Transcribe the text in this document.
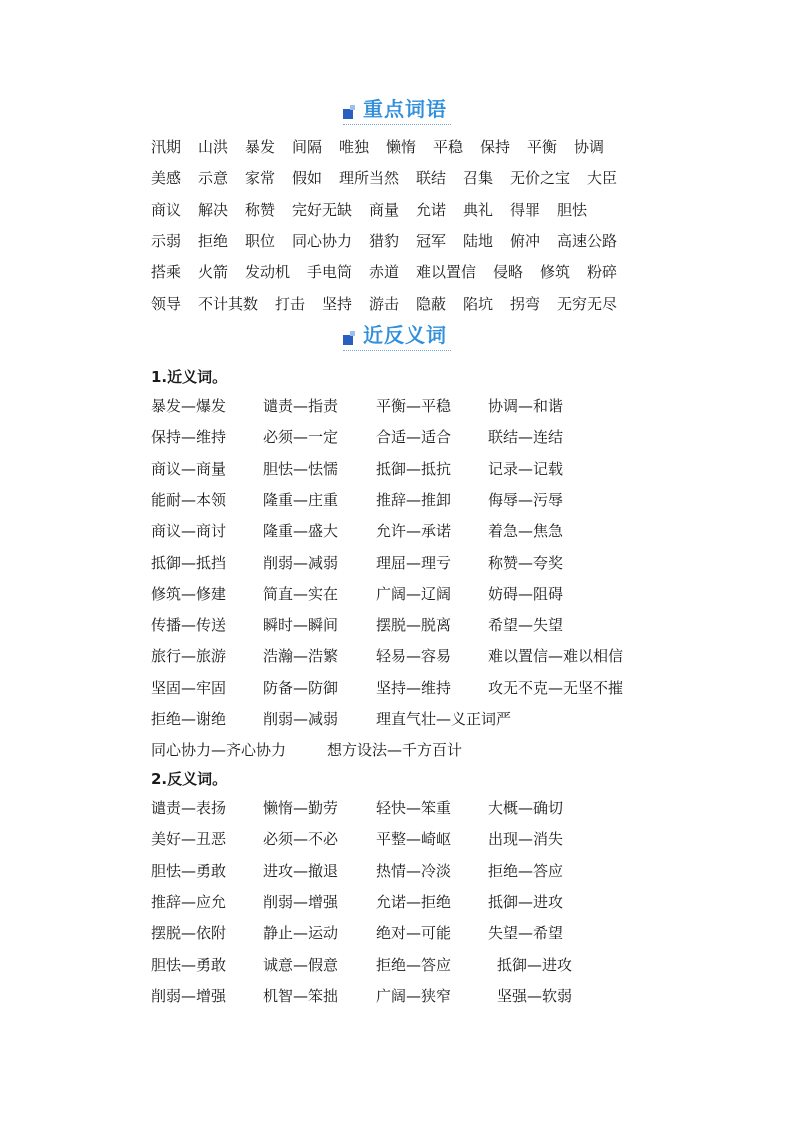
重点词语
汛期 山洪 暴发 间隔 唯独 懒惰 平稳 保持 平衡 协调
美感 示意 家常 假如 理所当然 联结 召集 无价之宝 大臣
商议 解决 称赞 完好无缺 商量 允诺 典礼 得罪 胆怯
示弱 拒绝 职位 同心协力 猎豹 冠军 陆地 俯冲 高速公路
搭乘 火箭 发动机 手电筒 赤道 难以置信 侵略 修筑 粉碎
领导 不计其数 打击 坚持 游击 隐蔽 陷坑 拐弯 无穷无尽
近反义词
1.近义词。
暴发—爆发 谴责—指责	平衡—平稳 协调—和谐
保持—维持 必须—一定	合适—适合 联结—连结
商议—商量 胆怯—怯懦	抵御—抵抗 记录—记载
能耐—本领 隆重—庄重	推辞—推卸 侮辱—污辱
商议—商讨 隆重—盛大	允许—承诺 着急—焦急
抵御—抵挡 削弱—减弱	理屈—理亏 称赞—夸奖
修筑—修建 简直—实在	广阔—辽阔 妨碍—阻碍
传播—传送 瞬时—瞬间	摆脱—脱离 希望—失望
旅行—旅游 浩瀚—浩繁	轻易—容易 难以置信—难以相信
坚固—牢固 防备—防御	坚持—维持 攻无不克—无坚不摧
拒绝—谢绝 削弱—减弱	理直气壮—义正词严
同心协力—齐心协力	想方设法—千方百计
2.反义词。
谴责—表扬 懒惰—勤劳	轻快—笨重 大概—确切
美好—丑恶 必须—不必	平整—崎岖 出现—消失
胆怯—勇敢 进攻—撤退	热情—冷淡 拒绝—答应
推辞—应允 削弱—增强	允诺—拒绝 抵御—进攻
摆脱—依附 静止—运动	绝对—可能 失望—希望
胆怯—勇敢 诚意—假意	拒绝—答应	抵御—进攻
削弱—增强 机智—笨拙	广阔—狭窄	坚强—软弱
